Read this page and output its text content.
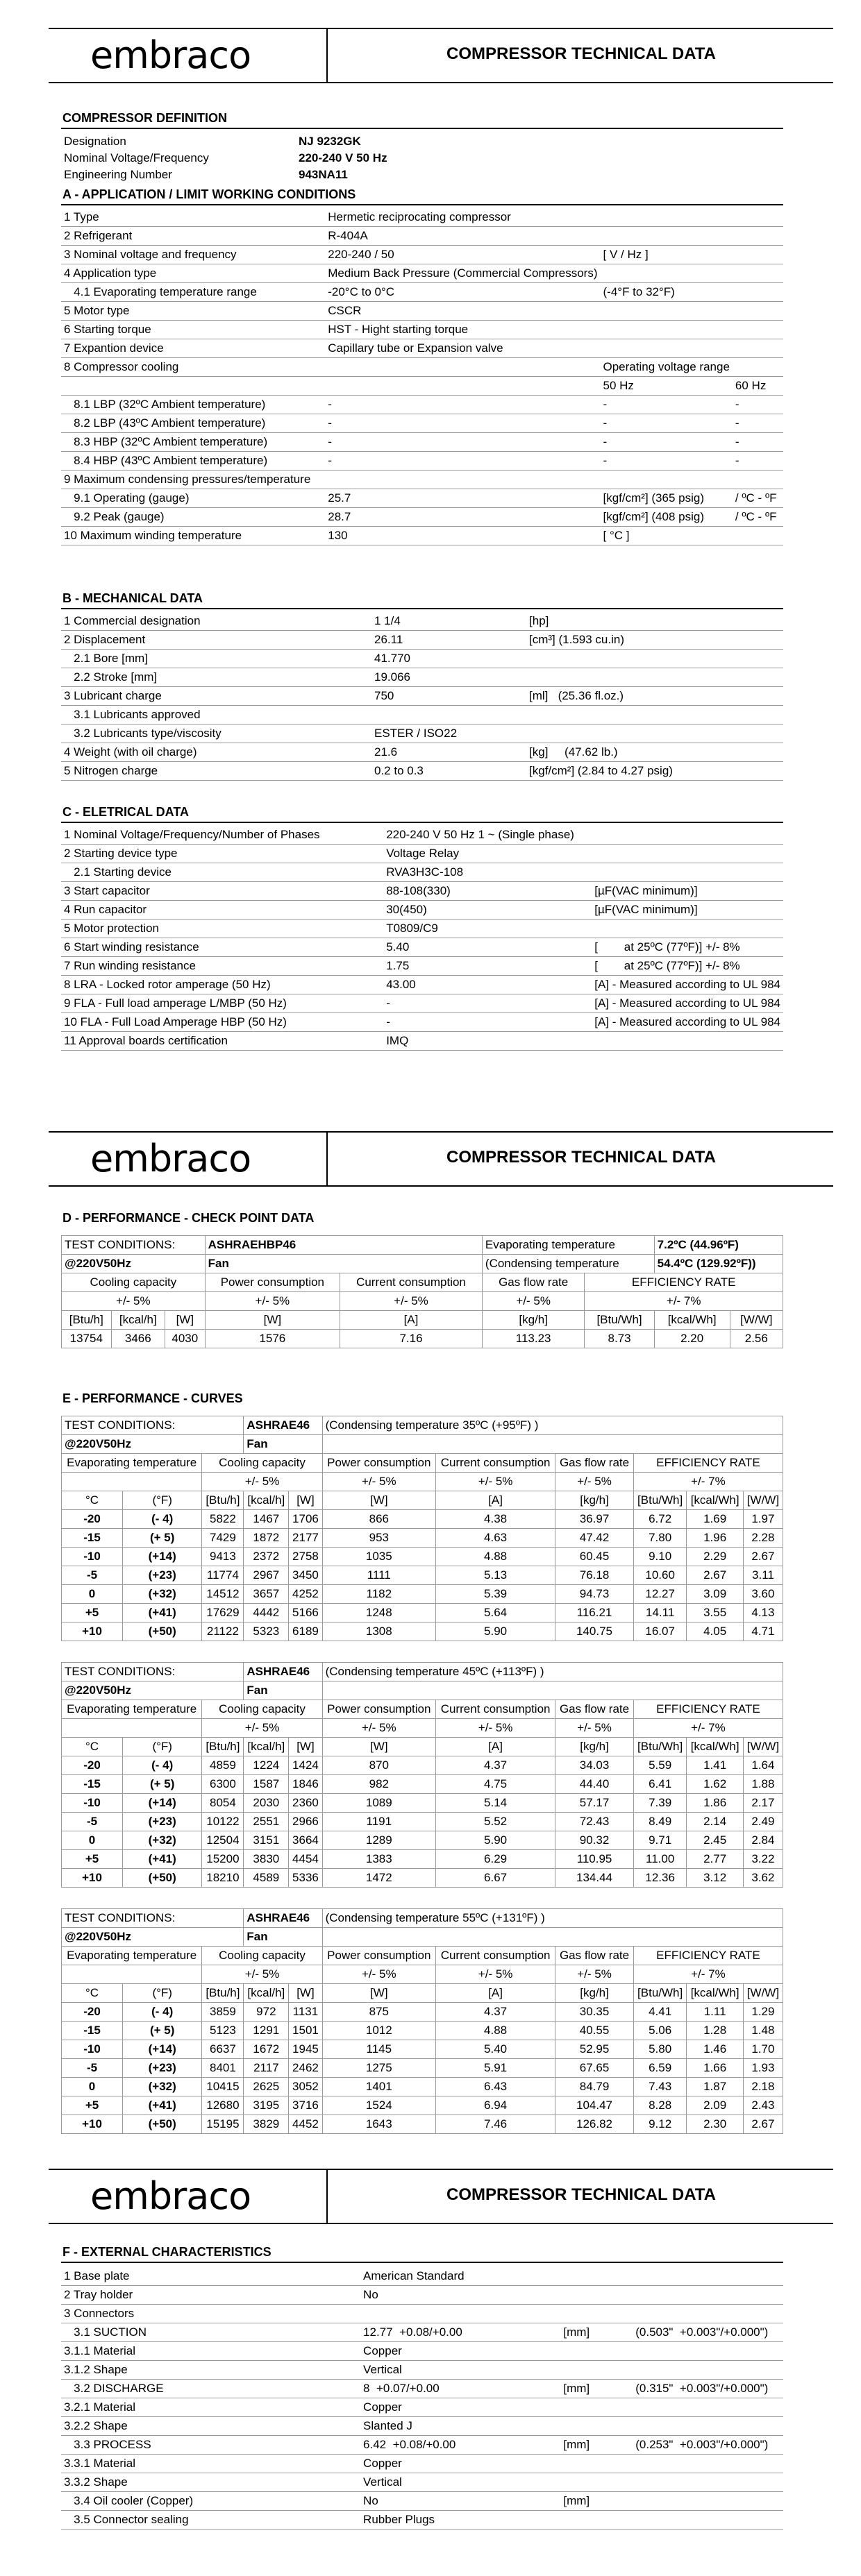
embraco	COMPRESSOR TECHNICAL DATA
COMPRESSOR DEFINITION
Designation	NJ 9232GK
Nominal Voltage/Frequency	220-240 V 50 Hz
Engineering Number	943NA11
A - APPLICATION / LIMIT WORKING CONDITIONS
1 Type	Hermetic reciprocating compressor		
2 Refrigerant	R-404A		
3 Nominal voltage and frequency	220-240 / 50	[ V / Hz ]	
4 Application type	Medium Back Pressure (Commercial Compressors)		
4.1 Evaporating temperature range	-20°C to 0°C	(-4°F to 32°F)	
5 Motor type	CSCR		
6 Starting torque	HST - Hight starting torque		
7 Expantion device	Capillary tube or Expansion valve		
8 Compressor cooling		Operating voltage range	
		50 Hz	60 Hz
8.1 LBP (32ºC Ambient temperature)	-	-	-
8.2 LBP (43ºC Ambient temperature)	-	-	-
8.3 HBP (32ºC Ambient temperature)	-	-	-
8.4 HBP (43ºC Ambient temperature)	-	-	-
9 Maximum condensing pressures/temperature			
9.1 Operating (gauge)	25.7	[kgf/cm²] (365 psig)	/ ºC - ºF
9.2 Peak (gauge)	28.7	[kgf/cm²] (408 psig)	/ ºC - ºF
10 Maximum winding temperature	130	[ °C ]	
B - MECHANICAL DATA
1 Commercial designation	1 1/4	[hp]
2 Displacement	26.11	[cm³] (1.593 cu.in)
2.1 Bore [mm]	41.770	
2.2 Stroke [mm]	19.066	
3 Lubricant charge	750	[ml]   (25.36 fl.oz.)
3.1 Lubricants approved		
3.2 Lubricants type/viscosity	ESTER / ISO22	
4 Weight (with oil charge)	21.6	[kg]     (47.62 lb.)
5 Nitrogen charge	0.2 to 0.3	[kgf/cm²] (2.84 to 4.27 psig)
C - ELETRICAL DATA
1 Nominal Voltage/Frequency/Number of Phases	220-240 V 50 Hz 1 ~ (Single phase)	
2 Starting device type	Voltage Relay	
2.1 Starting device	RVA3H3C-108	
3 Start capacitor	88-108(330)	[µF(VAC minimum)]
4 Run capacitor	30(450)	[µF(VAC minimum)]
5 Motor protection	T0809/C9	
6 Start winding resistance	5.40	[        at 25ºC (77ºF)] +/- 8%
7 Run winding resistance	1.75	[        at 25ºC (77ºF)] +/- 8%
8 LRA - Locked rotor amperage (50 Hz)	43.00	[A] - Measured according to UL 984
9 FLA - Full load amperage L/MBP (50 Hz)	-	[A] - Measured according to UL 984
10 FLA - Full Load Amperage HBP (50 Hz)	-	[A] - Measured according to UL 984
11 Approval boards certification	IMQ	
embraco	COMPRESSOR TECHNICAL DATA
D - PERFORMANCE - CHECK POINT DATA
TEST CONDITIONS:			ASHRAEHBP46		Evaporating temperature		7.2ºC (44.96ºF)	
@220V50Hz			Fan		(Condensing temperature		54.4ºC (129.92ºF))	
Cooling capacity			Power consumption	Current consumption	Gas flow rate	EFFICIENCY RATE		
+/- 5%			+/- 5%	+/- 5%	+/- 5%	+/- 7%		
[Btu/h]	[kcal/h]	[W]	[W]	[A]	[kg/h]	[Btu/Wh]	[kcal/Wh]	[W/W]
13754	3466	4030	1576	7.16	113.23	8.73	2.20	2.56
E - PERFORMANCE - CURVES
TEST CONDITIONS:			ASHRAE46		(Condensing temperature 35ºC (+95ºF) )					
@220V50Hz			Fan							
Evaporating temperature		Cooling capacity			Power consumption	Current consumption	Gas flow rate	EFFICIENCY RATE		
		+/- 5%			+/- 5%	+/- 5%	+/- 5%	+/- 7%		
°C	(°F)	[Btu/h]	[kcal/h]	[W]	[W]	[A]	[kg/h]	[Btu/Wh]	[kcal/Wh]	[W/W]
-20	(- 4)	5822	1467	1706	866	4.38	36.97	6.72	1.69	1.97
-15	(+ 5)	7429	1872	2177	953	4.63	47.42	7.80	1.96	2.28
-10	(+14)	9413	2372	2758	1035	4.88	60.45	9.10	2.29	2.67
-5	(+23)	11774	2967	3450	1111	5.13	76.18	10.60	2.67	3.11
0	(+32)	14512	3657	4252	1182	5.39	94.73	12.27	3.09	3.60
+5	(+41)	17629	4442	5166	1248	5.64	116.21	14.11	3.55	4.13
+10	(+50)	21122	5323	6189	1308	5.90	140.75	16.07	4.05	4.71
TEST CONDITIONS:			ASHRAE46		(Condensing temperature 45ºC (+113ºF) )					
@220V50Hz			Fan							
Evaporating temperature		Cooling capacity			Power consumption	Current consumption	Gas flow rate	EFFICIENCY RATE		
		+/- 5%			+/- 5%	+/- 5%	+/- 5%	+/- 7%		
°C	(°F)	[Btu/h]	[kcal/h]	[W]	[W]	[A]	[kg/h]	[Btu/Wh]	[kcal/Wh]	[W/W]
-20	(- 4)	4859	1224	1424	870	4.37	34.03	5.59	1.41	1.64
-15	(+ 5)	6300	1587	1846	982	4.75	44.40	6.41	1.62	1.88
-10	(+14)	8054	2030	2360	1089	5.14	57.17	7.39	1.86	2.17
-5	(+23)	10122	2551	2966	1191	5.52	72.43	8.49	2.14	2.49
0	(+32)	12504	3151	3664	1289	5.90	90.32	9.71	2.45	2.84
+5	(+41)	15200	3830	4454	1383	6.29	110.95	11.00	2.77	3.22
+10	(+50)	18210	4589	5336	1472	6.67	134.44	12.36	3.12	3.62
TEST CONDITIONS:			ASHRAE46		(Condensing temperature 55ºC (+131ºF) )					
@220V50Hz			Fan							
Evaporating temperature		Cooling capacity			Power consumption	Current consumption	Gas flow rate	EFFICIENCY RATE		
		+/- 5%			+/- 5%	+/- 5%	+/- 5%	+/- 7%		
°C	(°F)	[Btu/h]	[kcal/h]	[W]	[W]	[A]	[kg/h]	[Btu/Wh]	[kcal/Wh]	[W/W]
-20	(- 4)	3859	972	1131	875	4.37	30.35	4.41	1.11	1.29
-15	(+ 5)	5123	1291	1501	1012	4.88	40.55	5.06	1.28	1.48
-10	(+14)	6637	1672	1945	1145	5.40	52.95	5.80	1.46	1.70
-5	(+23)	8401	2117	2462	1275	5.91	67.65	6.59	1.66	1.93
0	(+32)	10415	2625	3052	1401	6.43	84.79	7.43	1.87	2.18
+5	(+41)	12680	3195	3716	1524	6.94	104.47	8.28	2.09	2.43
+10	(+50)	15195	3829	4452	1643	7.46	126.82	9.12	2.30	2.67
embraco	COMPRESSOR TECHNICAL DATA
F - EXTERNAL CHARACTERISTICS
1 Base plate	American Standard		
2 Tray holder	No		
3 Connectors			
3.1 SUCTION	12.77  +0.08/+0.00	[mm]	(0.503"  +0.003"/+0.000")
3.1.1 Material	Copper		
3.1.2 Shape	Vertical		
3.2 DISCHARGE	8  +0.07/+0.00	[mm]	(0.315"  +0.003"/+0.000")
3.2.1 Material	Copper		
3.2.2 Shape	Slanted J		
3.3 PROCESS	6.42  +0.08/+0.00	[mm]	(0.253"  +0.003"/+0.000")
3.3.1 Material	Copper		
3.3.2 Shape	Vertical		
3.4 Oil cooler (Copper)	No	[mm]	
3.5 Connector sealing	Rubber Plugs		
